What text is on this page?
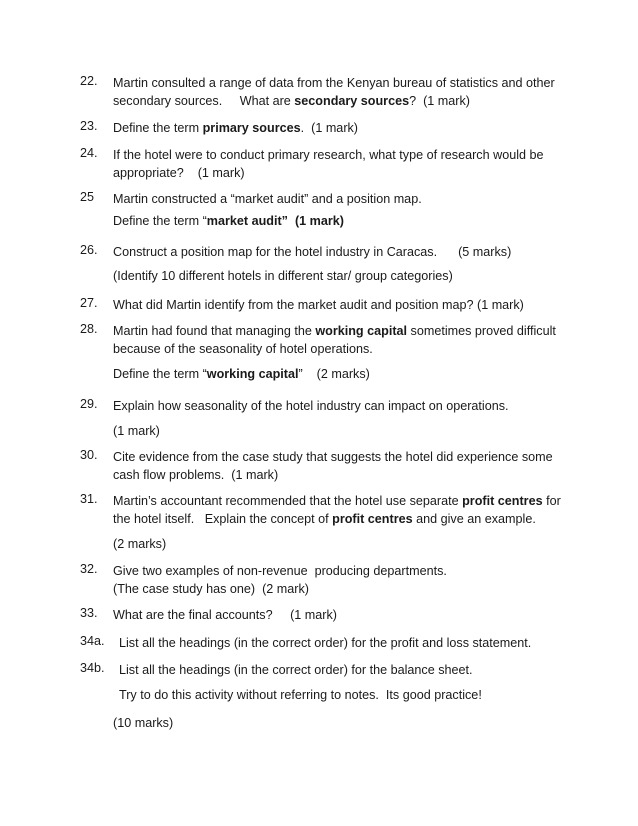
22. Martin consulted a range of data from the Kenyan bureau of statistics and other
secondary sources.     What are secondary sources?  (1 mark)
23. Define the term primary sources.  (1 mark)
24. If the hotel were to conduct primary research, what type of research would be
appropriate?    (1 mark)
25 Martin constructed a “market audit” and a position map.
Define the term “market audit”  (1 mark)
26. Construct a position map for the hotel industry in Caracas.      (5 marks)
(Identify 10 different hotels in different star/ group categories)
27. What did Martin identify from the market audit and position map? (1 mark)
28. Martin had found that managing the working capital sometimes proved difficult
because of the seasonality of hotel operations.
Define the term “working capital”    (2 marks)
29. Explain how seasonality of the hotel industry can impact on operations.
(1 mark)
30. Cite evidence from the case study that suggests the hotel did experience some
cash flow problems.  (1 mark)
31. Martin’s accountant recommended that the hotel use separate profit centres for
the hotel itself.   Explain the concept of profit centres and give an example.
(2 marks)
32. Give two examples of non-revenue  producing departments.
(The case study has one)  (2 mark)
33. What are the final accounts?     (1 mark)
34a. List all the headings (in the correct order) for the profit and loss statement.
34b. List all the headings (in the correct order) for the balance sheet.
Try to do this activity without referring to notes.  Its good practice!
(10 marks)
